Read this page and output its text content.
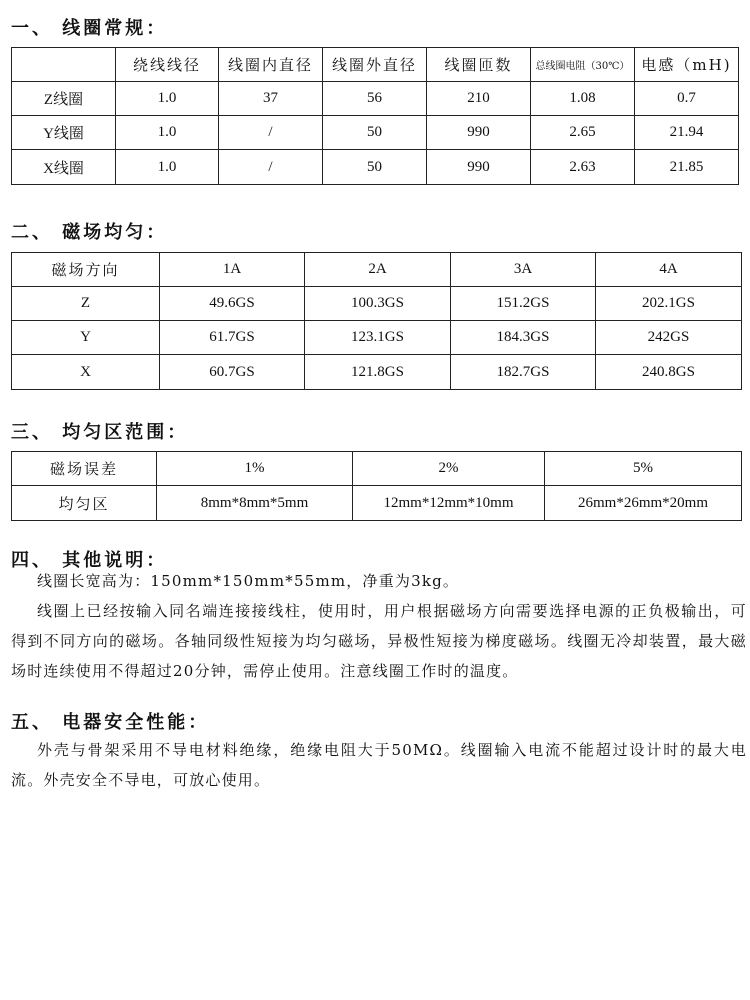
一、 线圈常规：
	绕线线径	线圈内直径	线圈外直径	线圈匝数	总线圈电阻（30℃）	电感（mH)
Z线圈	1.0	37	56	210	1.08	0.7
Y线圈	1.0	/	50	990	2.65	21.94
X线圈	1.0	/	50	990	2.63	21.85
二、 磁场均匀：
磁场方向	1A	2A	3A	4A
Z	49.6GS	100.3GS	151.2GS	202.1GS
Y	61.7GS	123.1GS	184.3GS	242GS
X	60.7GS	121.8GS	182.7GS	240.8GS
三、 均匀区范围：
磁场误差	1%	2%	5%
均匀区	8mm*8mm*5mm	12mm*12mm*10mm	26mm*26mm*20mm
四、 其他说明：

线圈长宽高为：150mm*150mm*55mm，净重为3kg。

线圈上已经按输入同名端连接接线柱，使用时，用户根据磁场方向需要选择电源的正负极输出，可得到不同方向的磁场。各轴同级性短接为均匀磁场，异极性短接为梯度磁场。线圈无冷却装置，最大磁场时连续使用不得超过20分钟，需停止使用。注意线圈工作时的温度。

五、 电器安全性能：

外壳与骨架采用不导电材料绝缘，绝缘电阻大于50MΩ。线圈输入电流不能超过设计时的最大电流。外壳安全不导电，可放心使用。
